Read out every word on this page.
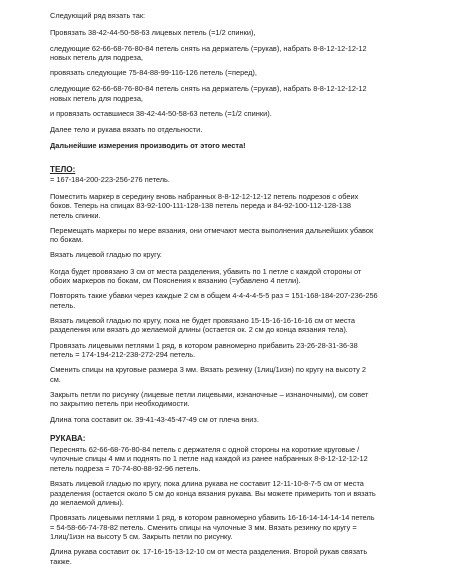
Следующий ряд вязать так:

Провязать 38-42-44-50-58-63 лицевых петель (=1/2 спинки),

следующие 62-66-68-76-80-84 петель снять на держатель (=рукав), набрать 8-8-12-12-12-12
новых петель для подреза,

провязать следующие 75-84-88-99-116-126 петель (=перед),

следующие 62-66-68-76-80-84 петель снять на держатель (=рукав), набрать 8-8-12-12-12-12
новых петель для подреза,

и провязать оставшиеся 38-42-44-50-58-63 петель (=1/2 спинки).

Далее тело и рукава вязать по отдельности.

Дальнейшие измерения производить от этого места!

ТЕЛО:

= 167-184-200-223-256-276 петель.

Поместить маркер в середину вновь набранных 8-8-12-12-12-12 петель подрезов с обеих
боков. Теперь на спицах 83-92-100-111-128-138 петель переда и 84-92-100-112-128-138
петель спинки.

Перемещать маркеры по мере вязания, они отмечают места выполнения дальнейших убавок
по бокам.

Вязать лицевой гладью по кругу.

Когда будет провязано 3 см от места разделения, убавить по 1 петле с каждой стороны от
обоих маркеров по бокам, см Пояснения к вязанию (=убавлено 4 петли).

Повторять такие убавки через каждые 2 см в общем 4-4-4-4-5-5 раз = 151-168-184-207-236-256
петель.

Вязать лицевой гладью по кругу, пока не будет провязано 15-15-16-16-16-16 см от места
разделения или вязать до желаемой длины (остается ок. 2 см до конца вязания тела).

Провязать лицевыми петлями 1 ряд, в котором равномерно прибавить 23-26-28-31-36-38
петель = 174-194-212-238-272-294 петель.

Сменить спицы на круговые размера 3 мм. Вязать резинку (1лиц/1изн) по кругу на высоту 2
см.

Закрыть петли по рисунку (лицевые петли лицевыми, изнаночные – изнаночными), см совет
по закрытию петель при необходимости.

Длина топа составит ок. 39-41-43-45-47-49 см от плеча вниз.

РУКАВА:

Переснять 62-66-68-76-80-84 петель с держателя с одной стороны на короткие круговые /
чулочные спицы 4 мм и поднять по 1 петле над каждой из ранее набранных 8-8-12-12-12-12
петель подреза = 70-74-80-88-92-96 петель.

Вязать лицевой гладью по кругу, пока длина рукава не составит 12-11-10-8-7-5 см от места
разделения (остается около 5 см до конца вязания рукава. Вы можете примерить топ и вязать
до желаемой длины).

Провязать лицевыми петлями 1 ряд, в котором равномерно убавить 16-16-14-14-14-14 петель
= 54-58-66-74-78-82 петель. Сменить спицы на чулочные 3 мм. Вязать резинку по кругу =
1лиц/1изн на высоту 5 см. Закрыть петли по рисунку.

Длина рукава составит ок. 17-16-15-13-12-10 см от места разделения. Второй рукав связать
также.
